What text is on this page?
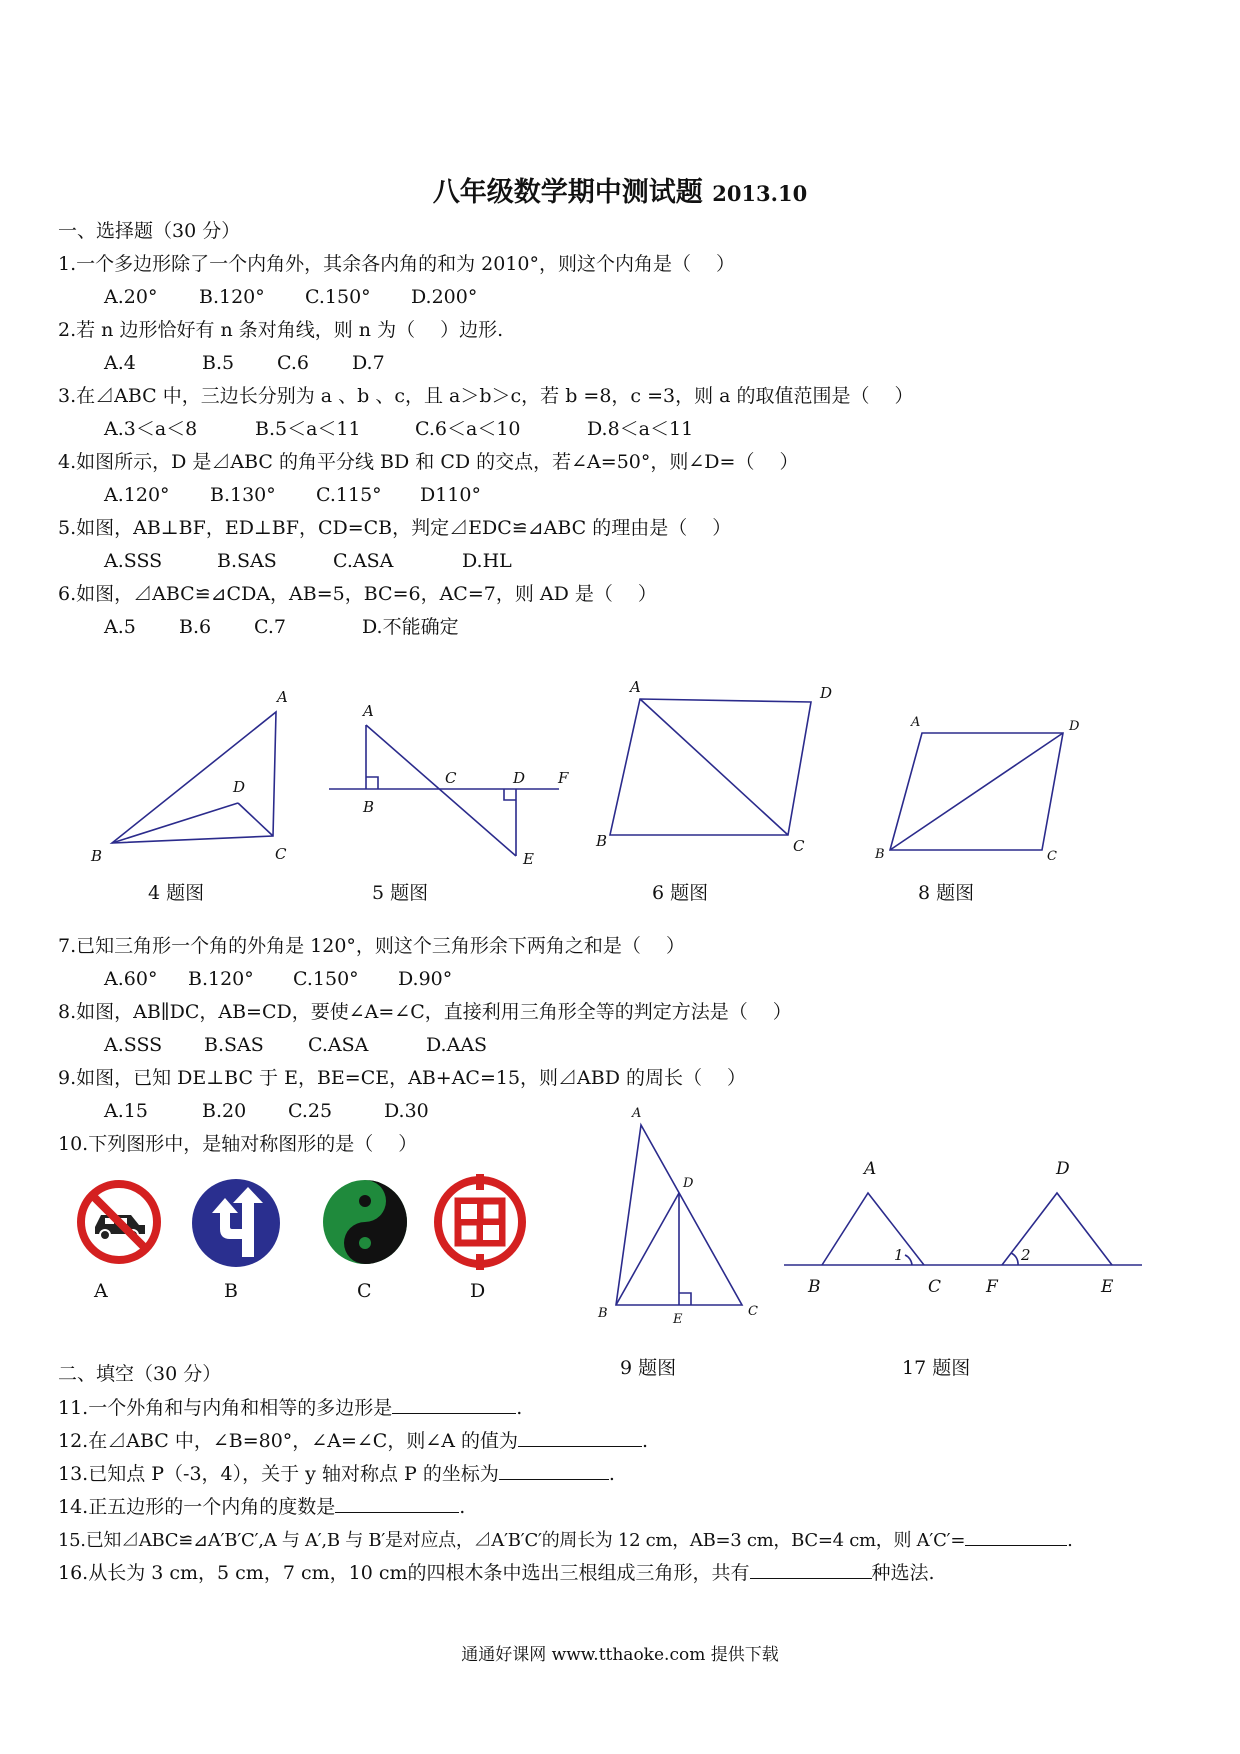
八年级数学期中测试题 2013.10
一、选择题（30 分）
1.一个多边形除了一个内角外，其余各内角的和为 2010°，则这个内角是（　 ）
A.20° B.120° C.150° D.200°
2.若 n 边形恰好有 n 条对角线，则 n 为（　 ）边形.
A.4	B.5 C.6 D.7
3.在⊿ABC 中，三边长分别为 a 、b 、c，且 a＞b＞c，若 b =8，c =3，则 a 的取值范围是（　 ）
A.3＜a＜8	B.5＜a＜11	C.6＜a＜10	D.8＜a＜11
4.如图所示，D 是⊿ABC 的角平分线 BD 和 CD 的交点，若∠A=50°，则∠D=（　 ）
A.120° B.130° C.115° D110°
5.如图，AB⊥BF，ED⊥BF，CD=CB，判定⊿EDC≌⊿ABC 的理由是（　 ）
A.SSS	B.SAS	C.ASA	D.HL
6.如图，⊿ABC≌⊿CDA，AB=5，BC=6，AC=7，则 AD 是（　 ）
A.5 B.6 C.7	D.不能确定
A
B	C
D
4 题图
A
B
C	D F
E
5 题图
A	D
B	C
6 题图
A	D
B	C
8 题图
7.已知三角形一个角的外角是 120°，则这个三角形余下两角之和是（　 ）
A.60° B.120° C.150° D.90°
8.如图，AB∥DC，AB=CD，要使∠A=∠C，直接利用三角形全等的判定方法是（　 ）
A.SSS B.SAS C.ASA	D.AAS
9.如图，已知 DE⊥BC 于 E，BE=CE，AB+AC=15，则⊿ABD 的周长（　 ）
A.15	B.20 C.25	D.30
10.下列图形中，是轴对称图形的是（　 ）
A	B	C	D
A
D
B	E
C
9 题图
A	D
B	C	F	E
1	2
17 题图
二、填空（30 分）
11.一个外角和与内角和相等的多边形是	.
12.在⊿ABC 中，∠B=80°，∠A=∠C，则∠A 的值为	.
13.已知点 P（-3，4），关于 y 轴对称点 P 的坐标为	.
14.正五边形的一个内角的度数是	.
15.已知⊿ABC≌⊿A′B′C′,A 与 A′,B 与 B′是对应点，⊿A′B′C′的周长为 12 cm，AB=3 cm，BC=4 cm，则 A′C′=	.
16.从长为 3 cm，5 cm，7 cm，10 cm的四根木条中选出三根组成三角形，共有	种选法.
通通好课网 www.tthaoke.com 提供下载
